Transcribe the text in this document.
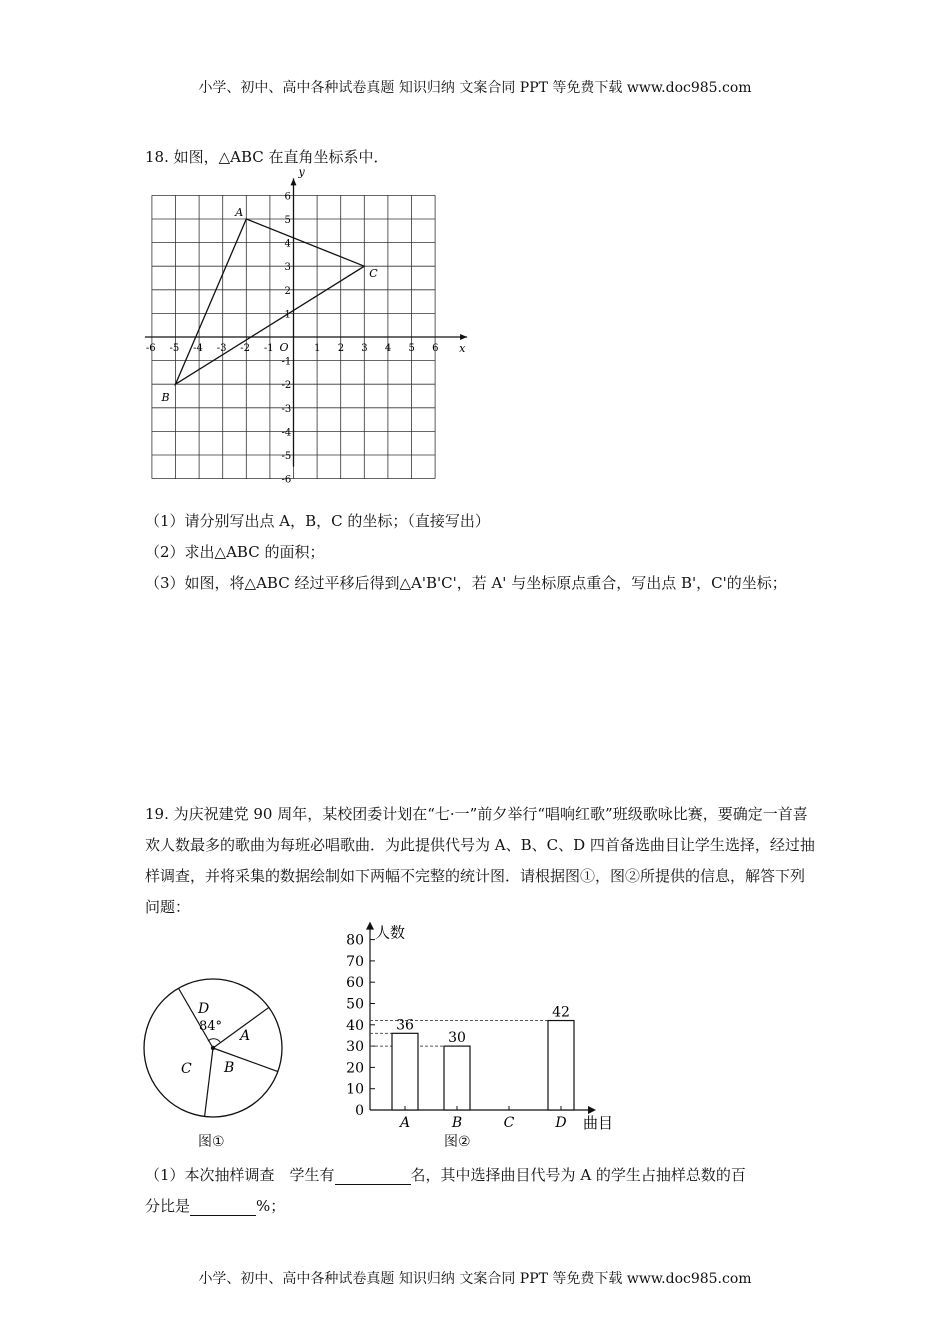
小学、初中、高中各种试卷真题 知识归纳 文案合同 PPT 等免费下载 www.doc985.com
18. 如图，△ABC 在直角坐标系中．
-6 -5 -4 -3 -2 -1	1 2 3 4 5 6
6
5
4
3
2
1
-1
-2
-3
-4
-5
-6
A
B
C
O	x
y
（1）请分别写出点 A，B，C 的坐标；（直接写出）
（2）求出△ABC 的面积；
（3）如图，将△ABC 经过平移后得到△A'B'C'，若 A' 与坐标原点重合，写出点 B'，C'的坐标；
19. 为庆祝建党 90 周年，某校团委计划在“七·一”前夕举行“唱响红歌”班级歌咏比赛，要确定一首喜欢人数最多的歌曲为每班必唱歌曲．为此提供代号为 A、B、C、D 四首备选曲目让学生选择，经过抽样调查，并将采集的数据绘制如下两幅不完整的统计图．请根据图①，图②所提供的信息，解答下列问题：
D
84°
A
B
C
图①
0
10
20
30
40
50
60
70
80
A	B	C	D
36
30
42
人数
曲目
图②
（1）本次抽样调查　学生有	名，其中选择曲目代号为 A 的学生占抽样总数的百
分比是	%；
小学、初中、高中各种试卷真题 知识归纳 文案合同 PPT 等免费下载 www.doc985.com
